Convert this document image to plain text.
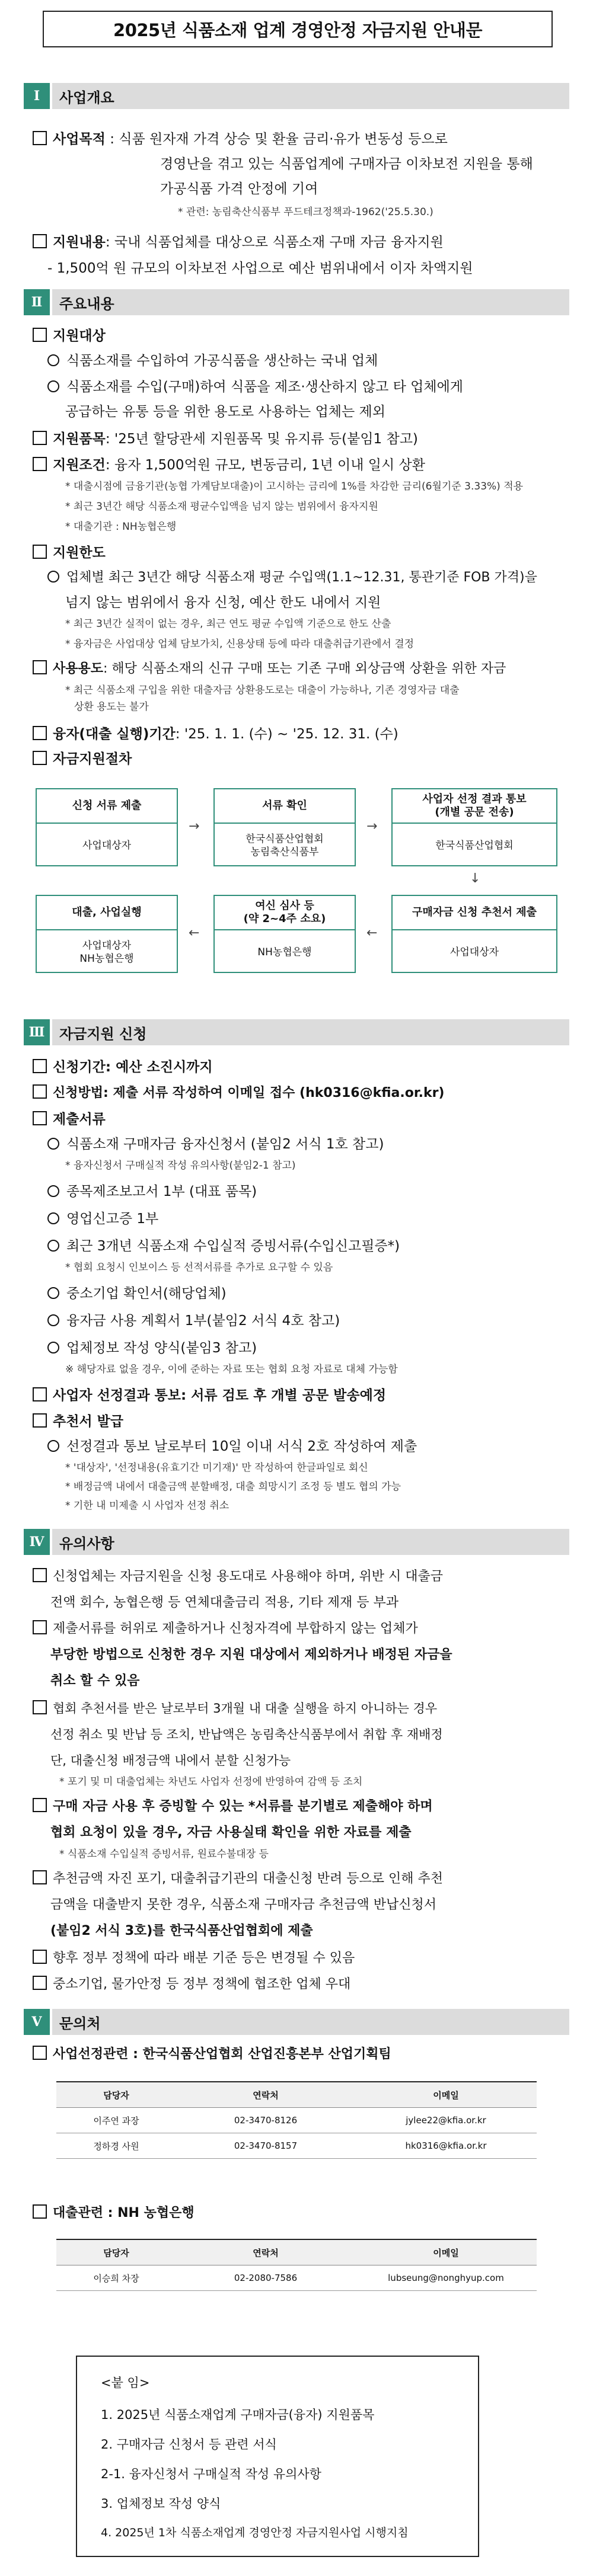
2025년 식품소재 업계 경영안정 자금지원 안내문
Ⅰ	사업개요
사업목적 : 식품 원자재 가격 상승 및 환율 금리·유가 변동성 등으로
경영난을 겪고 있는 식품업계에 구매자금 이차보전 지원을 통해
가공식품 가격 안정에 기여
* 관련: 농림축산식품부 푸드테크정책과-1962('25.5.30.)
지원내용: 국내 식품업체를 대상으로 식품소재 구매 자금 융자지원
- 1,500억 원 규모의 이차보전 사업으로 예산 범위내에서 이자 차액지원
Ⅱ	주요내용
지원대상
식품소재를 수입하여 가공식품을 생산하는 국내 업체
식품소재를 수입(구매)하여 식품을 제조·생산하지 않고 타 업체에게
공급하는 유통 등을 위한 용도로 사용하는 업체는 제외
지원품목: '25년 할당관세 지원품목 및 유지류 등(붙임1 참고)
지원조건: 융자 1,500억원 규모, 변동금리, 1년 이내 일시 상환
* 대출시점에 금융기관(농협 가계담보대출)이 고시하는 금리에 1%를 차감한 금리(6월기준 3.33%) 적용
* 최근 3년간 해당 식품소재 평균수입액을 넘지 않는 범위에서 융자지원
* 대출기관 : NH농협은행
지원한도
업체별 최근 3년간 해당 식품소재 평균 수입액(1.1~12.31, 통관기준 FOB 가격)을
넘지 않는 범위에서 융자 신청, 예산 한도 내에서 지원
* 최근 3년간 실적이 없는 경우, 최근 연도 평균 수입액 기준으로 한도 산출
* 융자금은 사업대상 업체 담보가치, 신용상태 등에 따라 대출취급기관에서 결정
사용용도: 해당 식품소재의 신규 구매 또는 기존 구매 외상금액 상환을 위한 자금
* 최근 식품소재 구입을 위한 대출자금 상환용도로는 대출이 가능하나, 기존 경영자금 대출
상환 용도는 불가
융자(대출 실행)기간: '25. 1. 1. (수) ~ '25. 12. 31. (수)
자금지원절차
신청 서류 제출
사업대상자
→
서류 확인
한국식품산업협회
농림축산식품부
→
사업자 선정 결과 통보
(개별 공문 전송)
한국식품산업협회
↓
구매자금 신청 추천서 제출
사업대상자
←
여신 심사 등
(약 2~4주 소요)
NH농협은행
←
대출, 사업실행
사업대상자
NH농협은행
Ⅲ	자금지원 신청
신청기간: 예산 소진시까지
신청방법: 제출 서류 작성하여 이메일 접수 (hk0316@kfia.or.kr)
제출서류
식품소재 구매자금 융자신청서 (붙임2 서식 1호 참고)
* 융자신청서 구매실적 작성 유의사항(붙임2-1 참고)
종목제조보고서 1부 (대표 품목)
영업신고증 1부
최근 3개년 식품소재 수입실적 증빙서류(수입신고필증*)
* 협회 요청시 인보이스 등 선적서류를 추가로 요구할 수 있음
중소기업 확인서(해당업체)
융자금 사용 계획서 1부(붙임2 서식 4호 참고)
업체정보 작성 양식(붙임3 참고)
※ 해당자료 없을 경우, 이에 준하는 자료 또는 협회 요청 자료로 대체 가능함
사업자 선정결과 통보: 서류 검토 후 개별 공문 발송예정
추천서 발급
선정결과 통보 날로부터 10일 이내 서식 2호 작성하여 제출
* '대상자', '선정내용(유효기간 미기재)' 만 작성하여 한글파일로 회신
* 배정금액 내에서 대출금액 분할배정, 대출 희망시기 조정 등 별도 협의 가능
* 기한 내 미제출 시 사업자 선정 취소
Ⅳ	유의사항
신청업체는 자금지원을 신청 용도대로 사용해야 하며, 위반 시 대출금
전액 회수, 농협은행 등 연체대출금리 적용, 기타 제재 등 부과
제출서류를 허위로 제출하거나 신청자격에 부합하지 않는 업체가
부당한 방법으로 신청한 경우 지원 대상에서 제외하거나 배정된 자금을
취소 할 수 있음
협회 추천서를 받은 날로부터 3개월 내 대출 실행을 하지 아니하는 경우
선정 취소 및 반납 등 조치, 반납액은 농림축산식품부에서 취합 후 재배정
단, 대출신청 배정금액 내에서 분할 신청가능
* 포기 및 미 대출업체는 차년도 사업자 선정에 반영하여 감액 등 조치
구매 자금 사용 후 증빙할 수 있는 *서류를 분기별로 제출해야 하며
협회 요청이 있을 경우, 자금 사용실태 확인을 위한 자료를 제출
* 식품소재 수입실적 증빙서류, 원료수불대장 등
추천금액 자진 포기, 대출취급기관의 대출신청 반려 등으로 인해 추천
금액을 대출받지 못한 경우, 식품소재 구매자금 추천금액 반납신청서
(붙임2 서식 3호)를 한국식품산업협회에 제출
향후 정부 정책에 따라 배분 기준 등은 변경될 수 있음
중소기업, 물가안정 등 정부 정책에 협조한 업체 우대
Ⅴ	문의처
사업선정관련 : 한국식품산업협회 산업진흥본부 산업기획팀
담당자	연락처	이메일
이주연 과장	02-3470-8126	jylee22@kfia.or.kr
정하경 사원	02-3470-8157	hk0316@kfia.or.kr
대출관련 : NH 농협은행
담당자	연락처	이메일
이승희 차장	02-2080-7586	lubseung@nonghyup.com
<붙 임>
1. 2025년 식품소재업계 구매자금(융자) 지원품목
2. 구매자금 신청서 등 관련 서식
2-1. 융자신청서 구매실적 작성 유의사항
3. 업체정보 작성 양식
4. 2025년 1차 식품소재업계 경영안정 자금지원사업 시행지침
